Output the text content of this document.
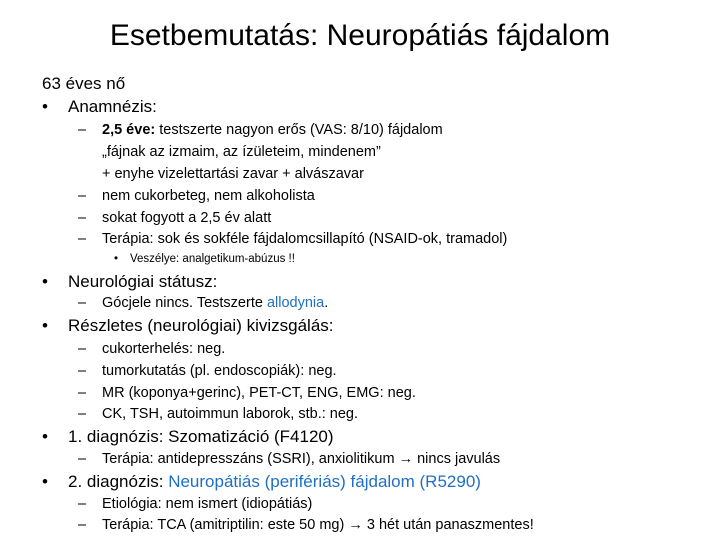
Esetbemutatás: Neuropátiás fájdalom
63 éves nő
• Anamnézis:
– 2,5 éve: testszerte nagyon erős (VAS: 8/10) fájdalom
„fájnak az izmaim, az ízületeim, mindenem”
+ enyhe vizelettartási zavar + alvászavar
– nem cukorbeteg, nem alkoholista
– sokat fogyott a 2,5 év alatt
– Terápia: sok és sokféle fájdalomcsillapító (NSAID-ok, tramadol)
• Veszélye: analgetikum-abúzus !!
• Neurológiai státusz:
– Gócjele nincs. Testszerte allodynia.
• Részletes (neurológiai) kivizsgálás:
– cukorterhelés: neg.
– tumorkutatás (pl. endoscopiák): neg.
– MR (koponya+gerinc), PET-CT, ENG, EMG: neg.
– CK, TSH, autoimmun laborok, stb.: neg.
• 1. diagnózis: Szomatizáció (F4120)
– Terápia: antidepresszáns (SSRI), anxiolitikum → nincs javulás
• 2. diagnózis: Neuropátiás (perifériás) fájdalom (R5290)
– Etiológia: nem ismert (idiopátiás)
– Terápia: TCA (amitriptilin: este 50 mg) → 3 hét után panaszmentes!
